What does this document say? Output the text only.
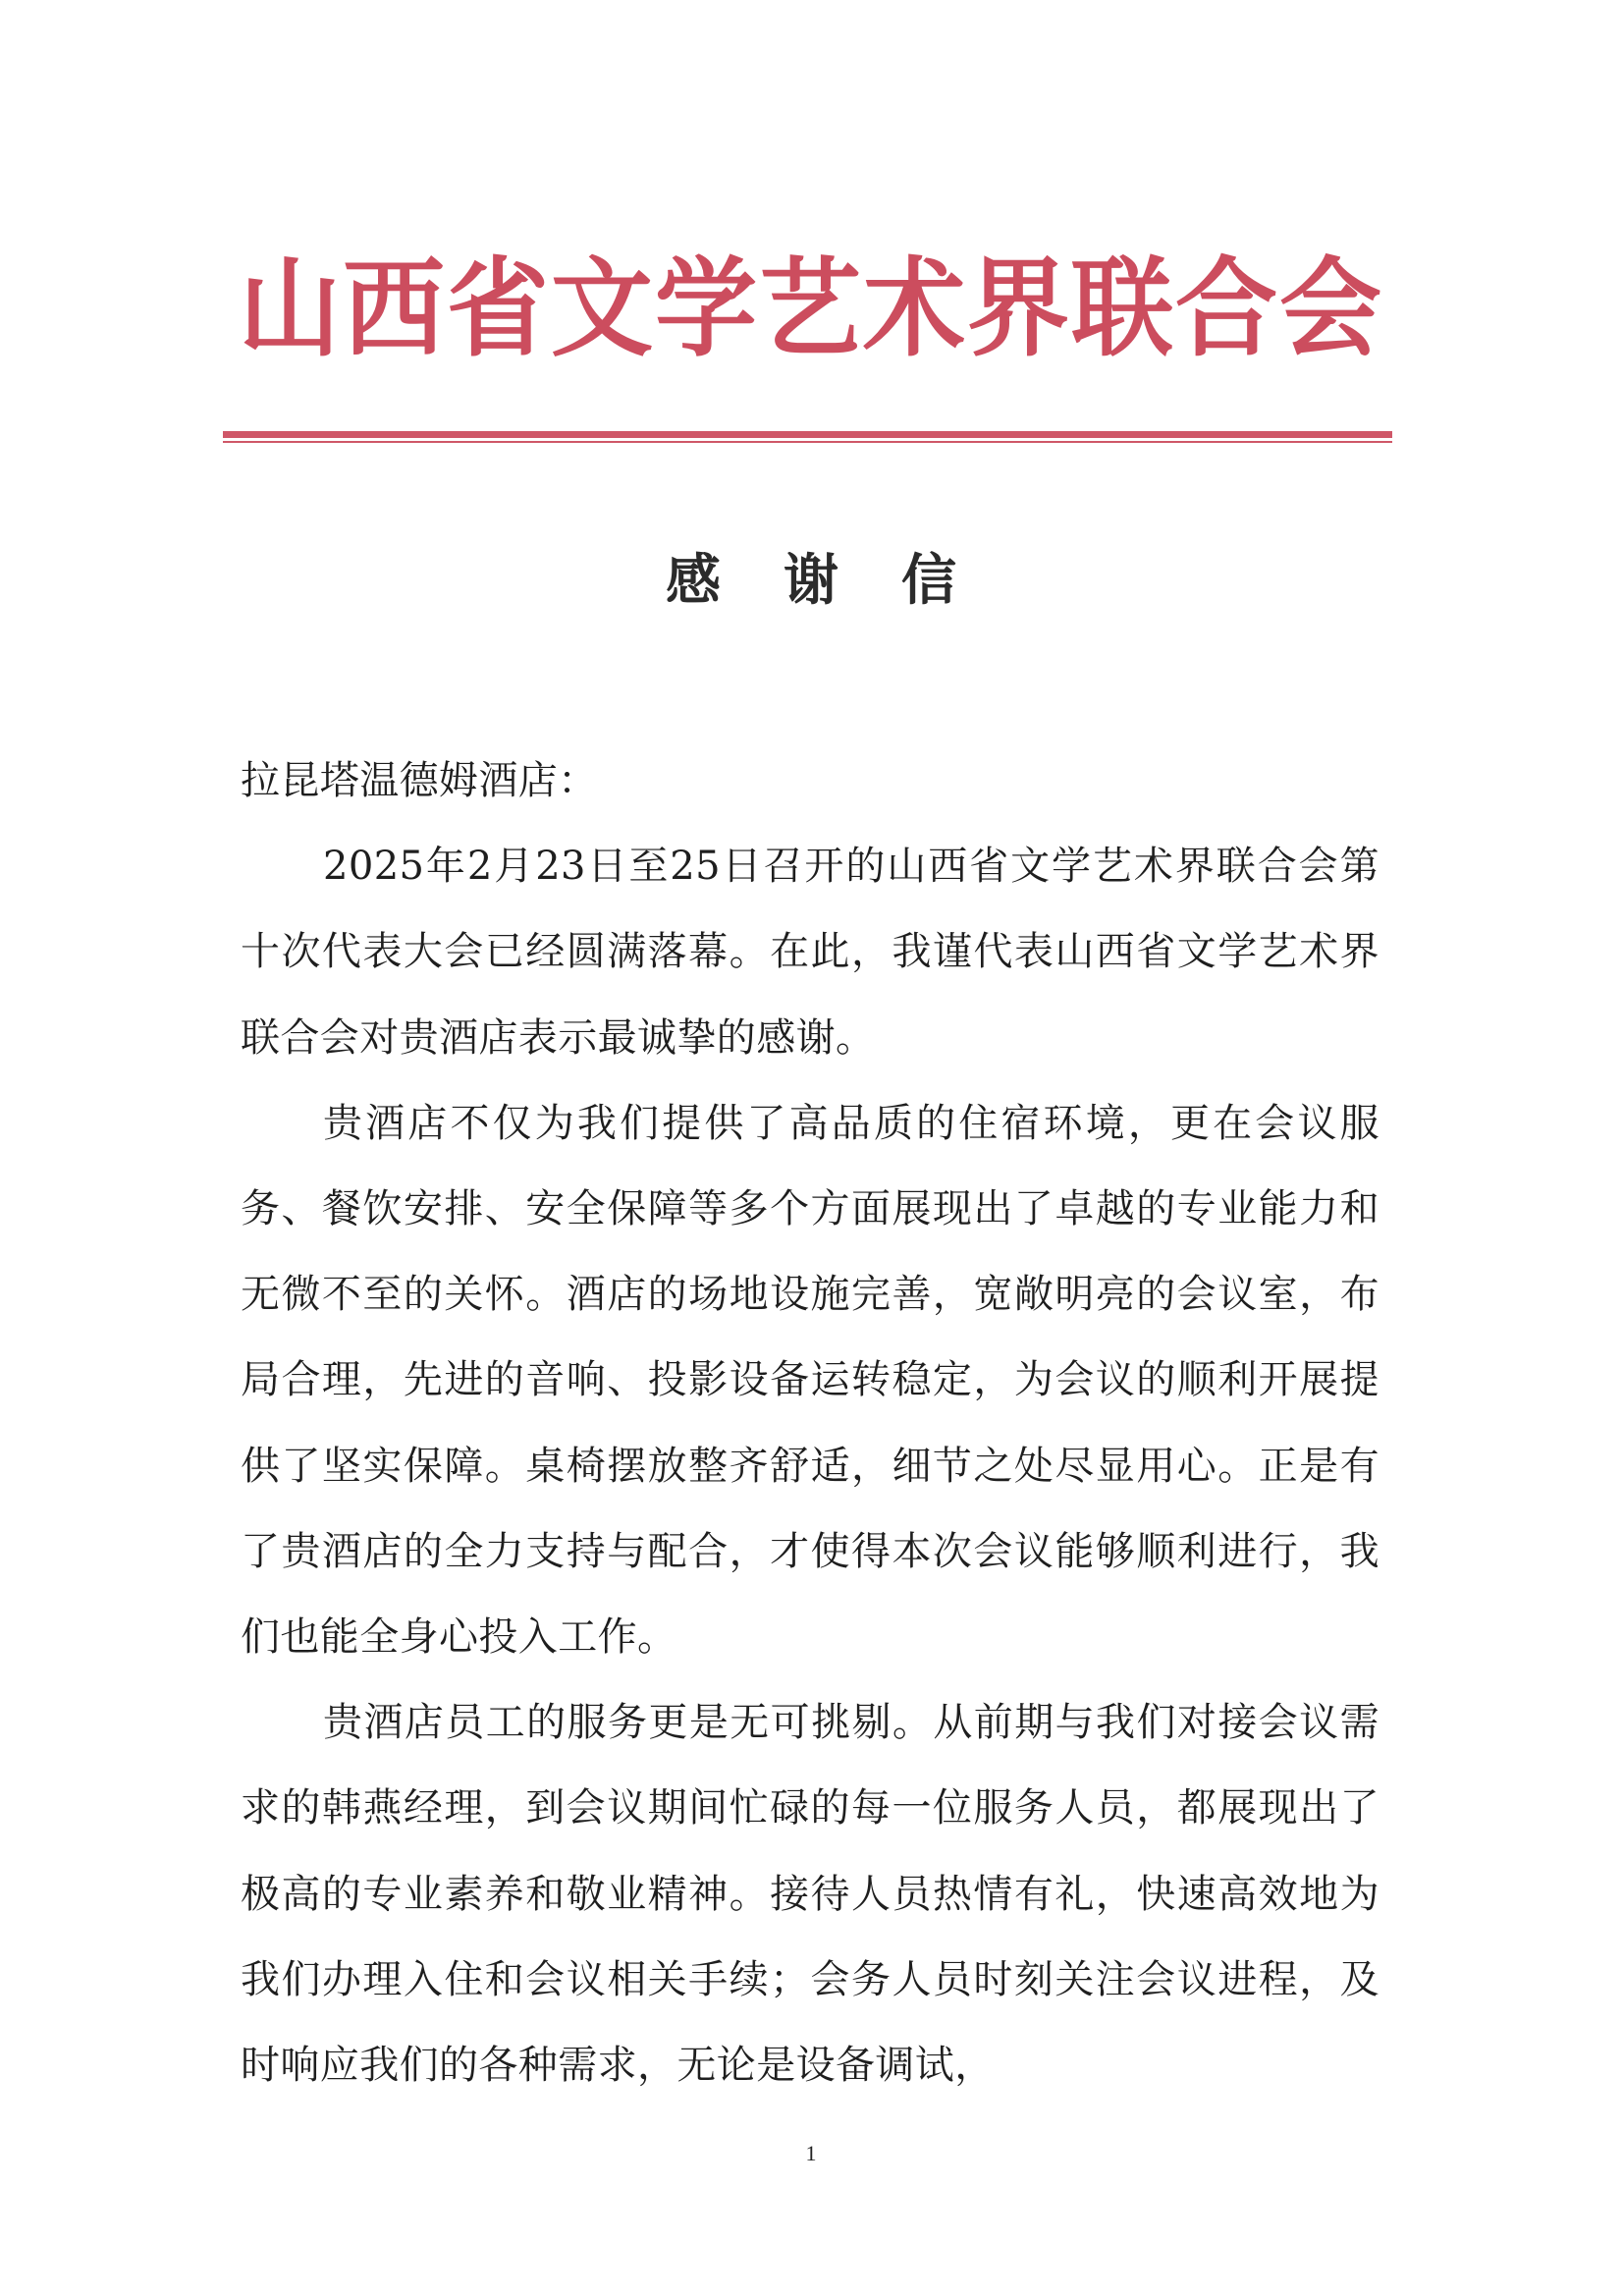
山西省文学艺术界联合会
感谢信

拉昆塔温德姆酒店：

2025年2月23日至25日召开的山西省文学艺术界联合会第十次代表大会已经圆满落幕。在此，我谨代表山西省文学艺术界联合会对贵酒店表示最诚挚的感谢。

贵酒店不仅为我们提供了高品质的住宿环境，更在会议服务、餐饮安排、安全保障等多个方面展现出了卓越的专业能力和无微不至的关怀。酒店的场地设施完善，宽敞明亮的会议室，布局合理，先进的音响、投影设备运转稳定，为会议的顺利开展提供了坚实保障。桌椅摆放整齐舒适，细节之处尽显用心。正是有了贵酒店的全力支持与配合，才使得本次会议能够顺利进行，我们也能全身心投入工作。

贵酒店员工的服务更是无可挑剔。从前期与我们对接会议需求的韩燕经理，到会议期间忙碌的每一位服务人员，都展现出了极高的专业素养和敬业精神。接待人员热情有礼，快速高效地为我们办理入住和会议相关手续；会务人员时刻关注会议进程，及时响应我们的各种需求，无论是设备调试，

1
